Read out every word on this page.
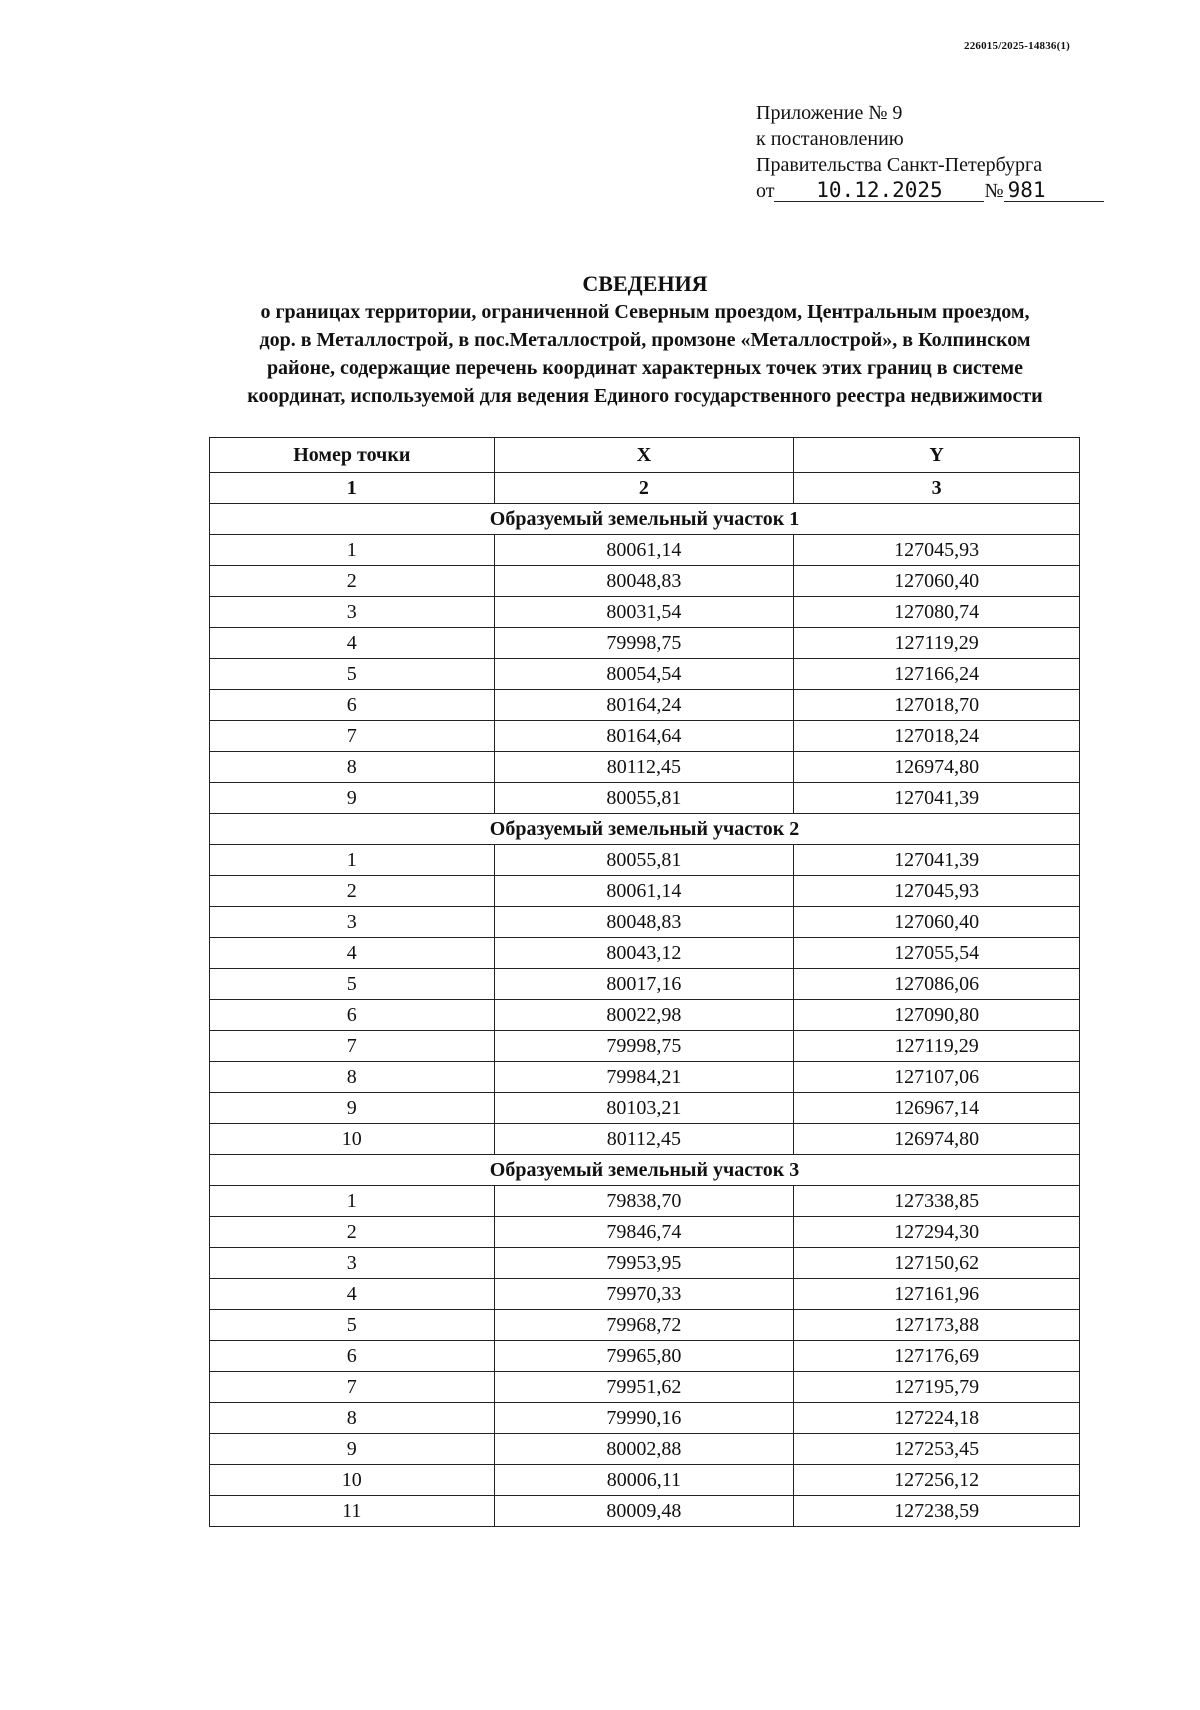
226015/2025-14836(1)
Приложение № 9
к постановлению
Правительства Санкт-Петербурга
от	10.12.2025	№ 981
СВЕДЕНИЯ
о границах территории, ограниченной Северным проездом, Центральным проездом,
дор. в Металлострой, в пос.Металлострой, промзоне «Металлострой», в Колпинском
районе, содержащие перечень координат характерных точек этих границ в системе
координат, используемой для ведения Единого государственного реестра недвижимости
Номер точки	X	Y
1	2	3
Образуемый земельный участок 1		
1	80061,14	127045,93
2	80048,83	127060,40
3	80031,54	127080,74
4	79998,75	127119,29
5	80054,54	127166,24
6	80164,24	127018,70
7	80164,64	127018,24
8	80112,45	126974,80
9	80055,81	127041,39
Образуемый земельный участок 2		
1	80055,81	127041,39
2	80061,14	127045,93
3	80048,83	127060,40
4	80043,12	127055,54
5	80017,16	127086,06
6	80022,98	127090,80
7	79998,75	127119,29
8	79984,21	127107,06
9	80103,21	126967,14
10	80112,45	126974,80
Образуемый земельный участок 3		
1	79838,70	127338,85
2	79846,74	127294,30
3	79953,95	127150,62
4	79970,33	127161,96
5	79968,72	127173,88
6	79965,80	127176,69
7	79951,62	127195,79
8	79990,16	127224,18
9	80002,88	127253,45
10	80006,11	127256,12
11	80009,48	127238,59
